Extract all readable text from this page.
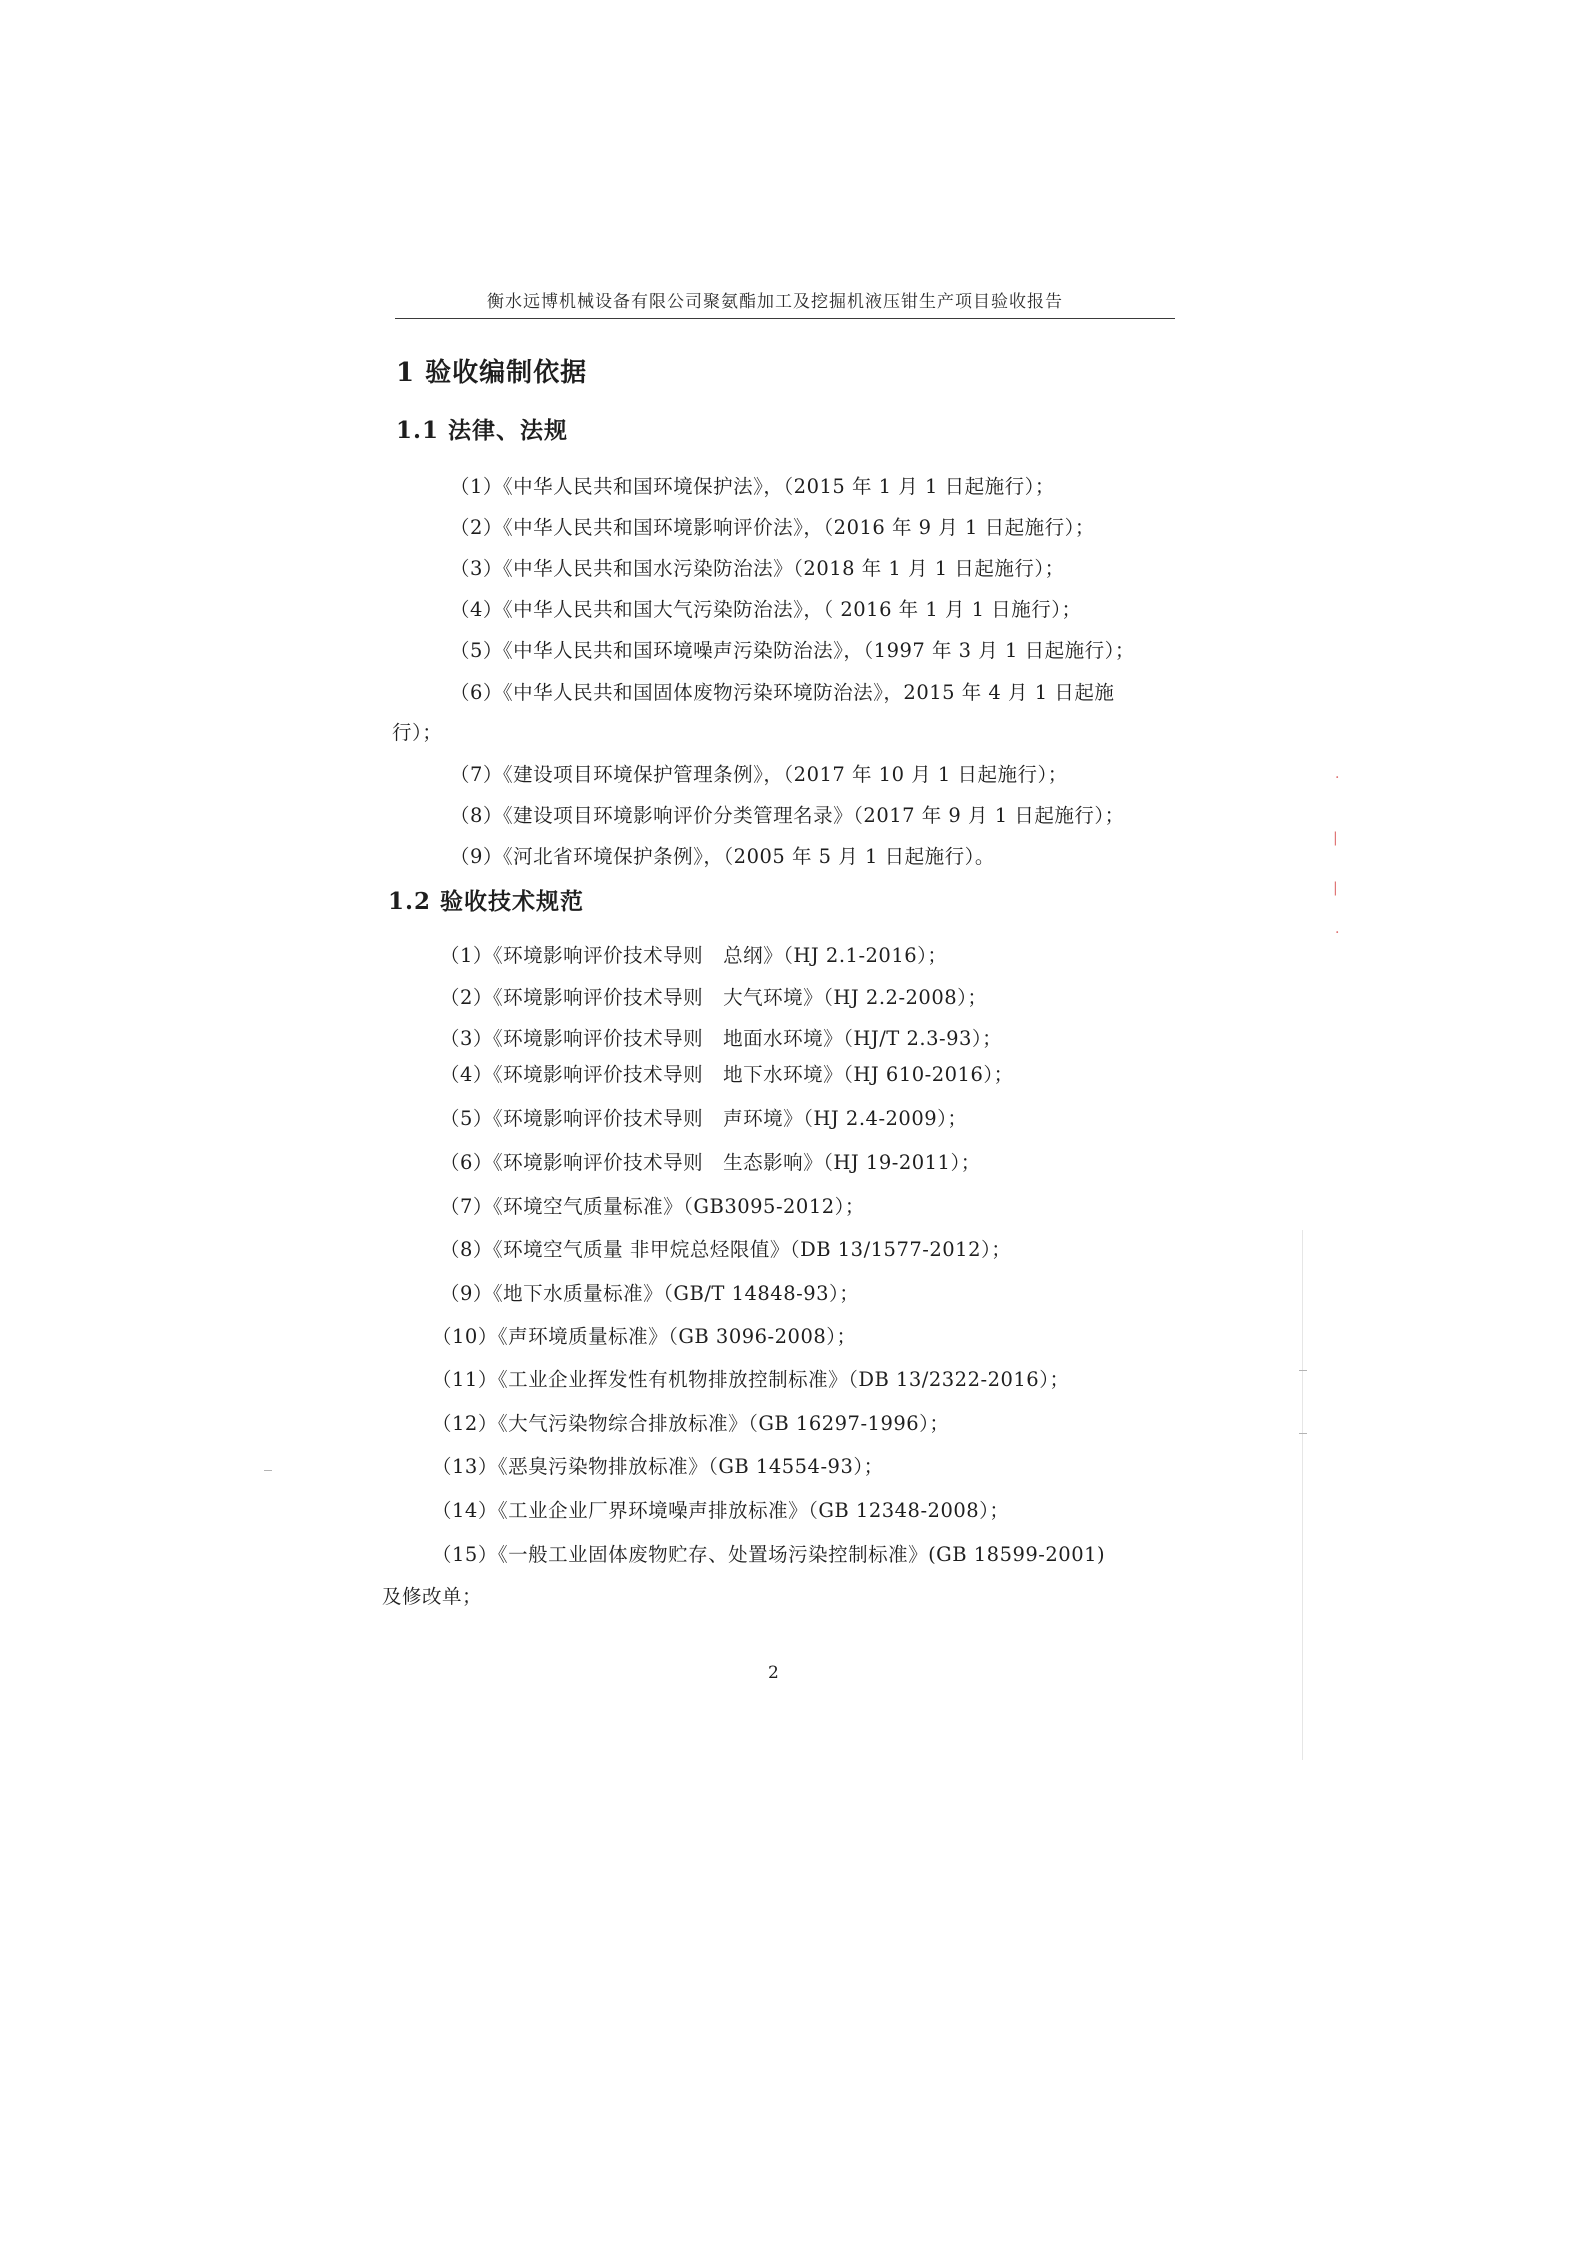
衡水远博机械设备有限公司聚氨酯加工及挖掘机液压钳生产项目验收报告
1 验收编制依据
1.1 法律、法规
（1）《中华人民共和国环境保护法》，（2015 年 1 月 1 日起施行）；
（2）《中华人民共和国环境影响评价法》，（2016 年 9 月 1 日起施行）；
（3）《中华人民共和国水污染防治法》（2018 年 1 月 1 日起施行）；
（4）《中华人民共和国大气污染防治法》，（ 2016 年 1 月 1 日施行）；
（5）《中华人民共和国环境噪声污染防治法》，（1997 年 3 月 1 日起施行）；
（6）《中华人民共和国固体废物污染环境防治法》，2015 年 4 月 1 日起施
行）；
（7）《建设项目环境保护管理条例》，（2017 年 10 月 1 日起施行）；
（8）《建设项目环境影响评价分类管理名录》（2017 年 9 月 1 日起施行）；
（9）《河北省环境保护条例》，（2005 年 5 月 1 日起施行）。
1.2 验收技术规范
（1）《环境影响评价技术导则　总纲》（HJ 2.1-2016）；
（2）《环境影响评价技术导则　大气环境》（HJ 2.2-2008）；
（3）《环境影响评价技术导则　地面水环境》（HJ/T 2.3-93）；
（4）《环境影响评价技术导则　地下水环境》（HJ 610-2016）；
（5）《环境影响评价技术导则　声环境》（HJ 2.4-2009）；
（6）《环境影响评价技术导则　生态影响》（HJ 19-2011）；
（7）《环境空气质量标准》（GB3095-2012）；
（8）《环境空气质量 非甲烷总烃限值》（DB 13/1577-2012）；
（9）《地下水质量标准》（GB/T 14848-93）；
（10）《声环境质量标准》（GB 3096-2008）；
（11）《工业企业挥发性有机物排放控制标准》（DB 13/2322-2016）；
（12）《大气污染物综合排放标准》（GB 16297-1996）；
（13）《恶臭污染物排放标准》（GB 14554-93）；
（14）《工业企业厂界环境噪声排放标准》（GB 12348-2008）；
（15）《一般工业固体废物贮存、处置场污染控制标准》(GB 18599-2001)
及修改单；
2
·
|
|
·
